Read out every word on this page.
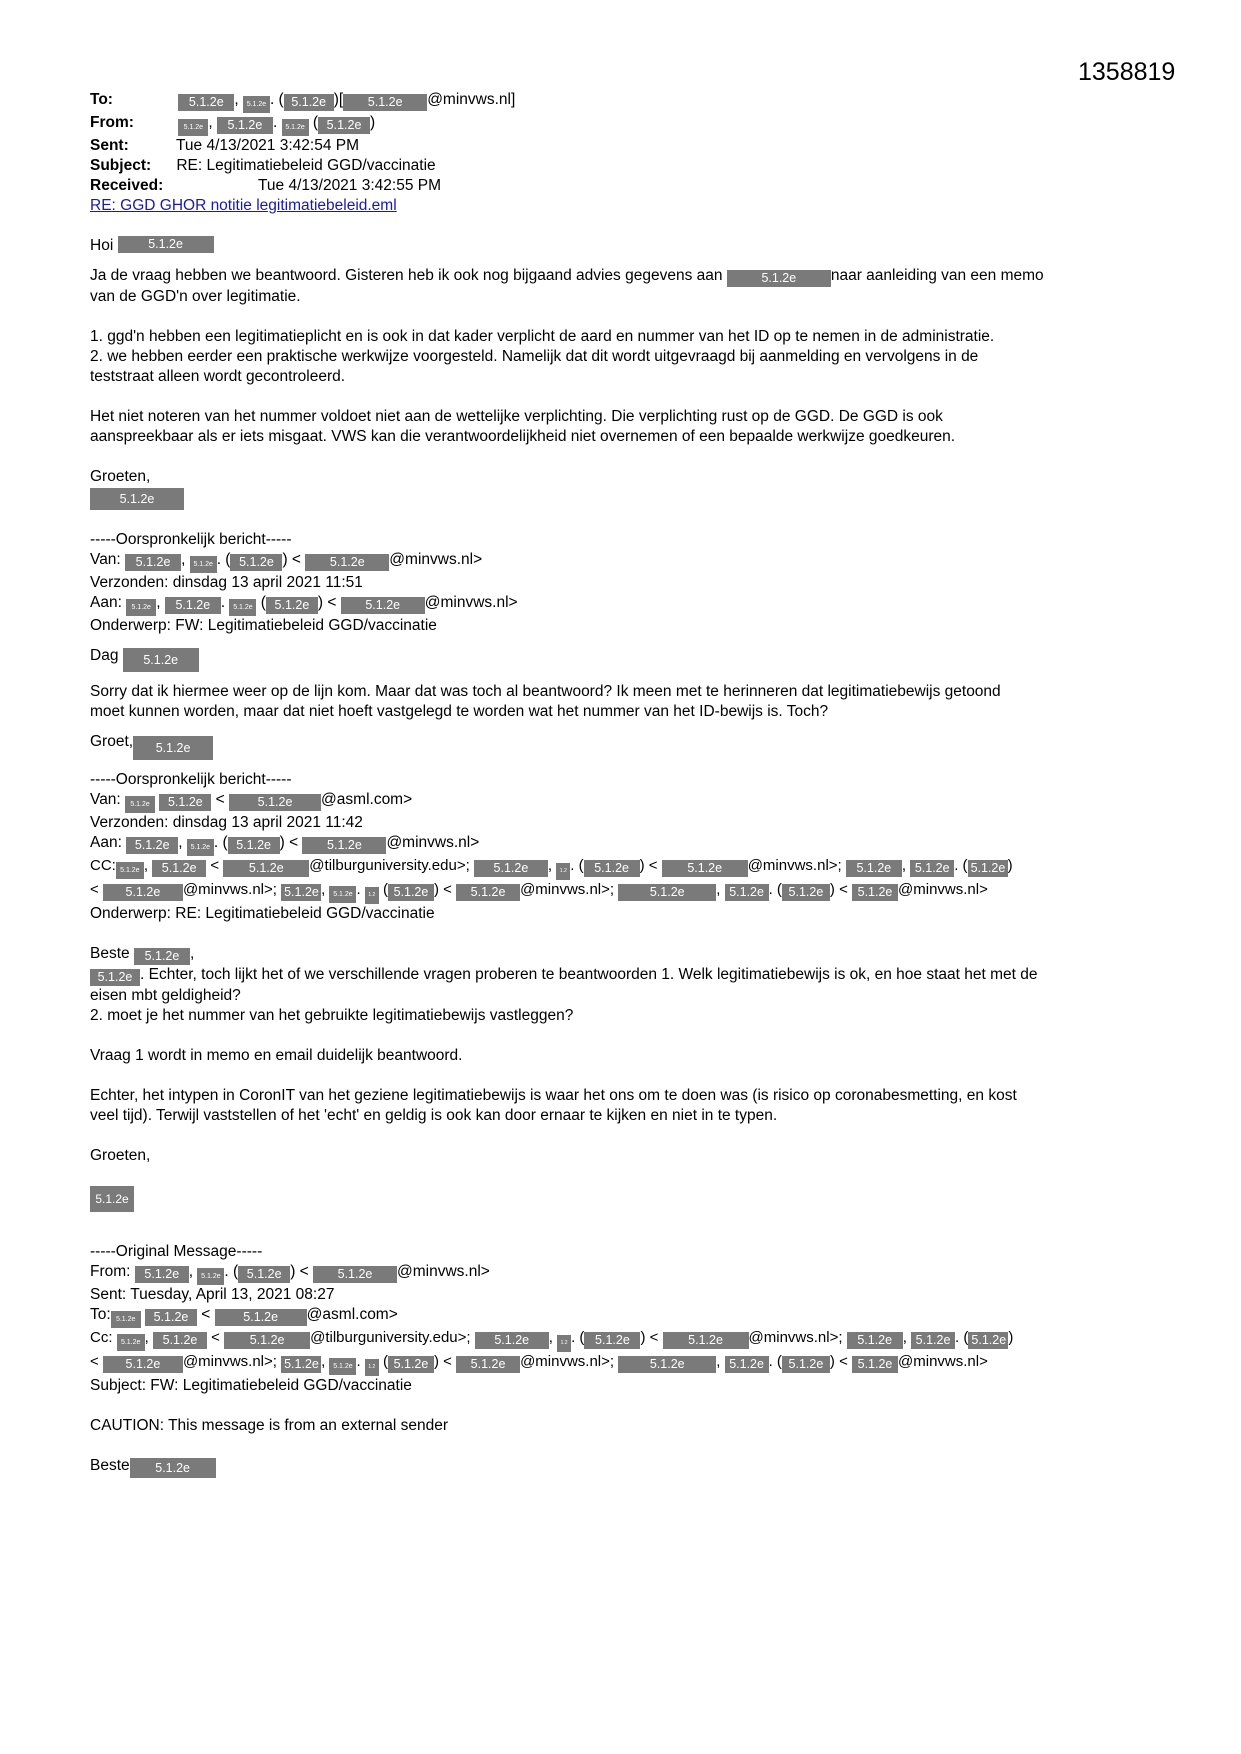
1358819
To:	5.1.2e , 5.1.2e . ( 5.1.2e )[ 5.1.2e @minvws.nl]
From:	5.1.2e , 5.1.2e . 5.1.2e ( 5.1.2e )
Sent:	Tue 4/13/2021 3:42:54 PM
Subject: RE: Legitimatiebeleid GGD/vaccinatie
Received:	Tue 4/13/2021 3:42:55 PM
RE: GGD GHOR notitie legitimatiebeleid.eml
Hoi	5.1.2e
Ja de vraag hebben we beantwoord. Gisteren heb ik ook nog bijgaand advies gegevens aan	5.1.2e naar aanleiding van een memo
van de GGD'n over legitimatie.
1. ggd'n hebben een legitimatieplicht en is ook in dat kader verplicht de aard en nummer van het ID op te nemen in de administratie.
2. we hebben eerder een praktische werkwijze voorgesteld. Namelijk dat dit wordt uitgevraagd bij aanmelding en vervolgens in de
teststraat alleen wordt gecontroleerd.
Het niet noteren van het nummer voldoet niet aan de wettelijke verplichting. Die verplichting rust op de GGD. De GGD is ook
aanspreekbaar als er iets misgaat. VWS kan die verantwoordelijkheid niet overnemen of een bepaalde werkwijze goedkeuren.
Groeten,
5.1.2e
-----Oorspronkelijk bericht-----
Van: 5.1.2e , 5.1.2e . ( 5.1.2e ) < 5.1.2e @minvws.nl>
Verzonden: dinsdag 13 april 2021 11:51
Aan: 5.1.2e , 5.1.2e . 5.1.2e ( 5.1.2e ) < 5.1.2e @minvws.nl>
Onderwerp: FW: Legitimatiebeleid GGD/vaccinatie
Dag 5.1.2e
Sorry dat ik hiermee weer op de lijn kom. Maar dat was toch al beantwoord? Ik meen met te herinneren dat legitimatiebewijs getoond
moet kunnen worden, maar dat niet hoeft vastgelegd te worden wat het nummer van het ID-bewijs is. Toch?
Groet, 5.1.2e
-----Oorspronkelijk bericht-----
Van: 5.1.2e 5.1.2e < 5.1.2e @asml.com>
Verzonden: dinsdag 13 april 2021 11:42
Aan: 5.1.2e , 5.1.2e . ( 5.1.2e ) < 5.1.2e @minvws.nl>
CC: 5.1.2e , 5.1.2e < 5.1.2e @tilburguniversity.edu>; 5.1.2e , 1.2 . ( 5.1.2e ) < 5.1.2e @minvws.nl>; 5.1.2e , 5.1.2e . ( 5.1.2e )
< 5.1.2e @minvws.nl>; 5.1.2e , 5.1.2e . 1.2 ( 5.1.2e ) < 5.1.2e @minvws.nl>;	5.1.2e , 5.1.2e . ( 5.1.2e ) < 5.1.2e @minvws.nl>
Onderwerp: RE: Legitimatiebeleid GGD/vaccinatie
Beste 5.1.2e ,
5.1.2e . Echter, toch lijkt het of we verschillende vragen proberen te beantwoorden 1. Welk legitimatiebewijs is ok, en hoe staat het met de
eisen mbt geldigheid?
2. moet je het nummer van het gebruikte legitimatiebewijs vastleggen?
Vraag 1 wordt in memo en email duidelijk beantwoord.
Echter, het intypen in CoronIT van het geziene legitimatiebewijs is waar het ons om te doen was (is risico op coronabesmetting, en kost
veel tijd). Terwijl vaststellen of het 'echt' en geldig is ook kan door ernaar te kijken en niet in te typen.
Groeten,
5.1.2e
-----Original Message-----
From: 5.1.2e , 5.1.2e . ( 5.1.2e ) < 5.1.2e @minvws.nl>
Sent: Tuesday, April 13, 2021 08:27
To: 5.1.2e 5.1.2e < 5.1.2e @asml.com>
Cc: 5.1.2e , 5.1.2e < 5.1.2e @tilburguniversity.edu>; 5.1.2e , 1.2 . ( 5.1.2e ) < 5.1.2e @minvws.nl>; 5.1.2e , 5.1.2e . ( 5.1.2e )
< 5.1.2e @minvws.nl>; 5.1.2e , 5.1.2e . 1.2 ( 5.1.2e ) < 5.1.2e @minvws.nl>;	5.1.2e , 5.1.2e . ( 5.1.2e ) < 5.1.2e @minvws.nl>
Subject: FW: Legitimatiebeleid GGD/vaccinatie
CAUTION: This message is from an external sender
Beste 5.1.2e
